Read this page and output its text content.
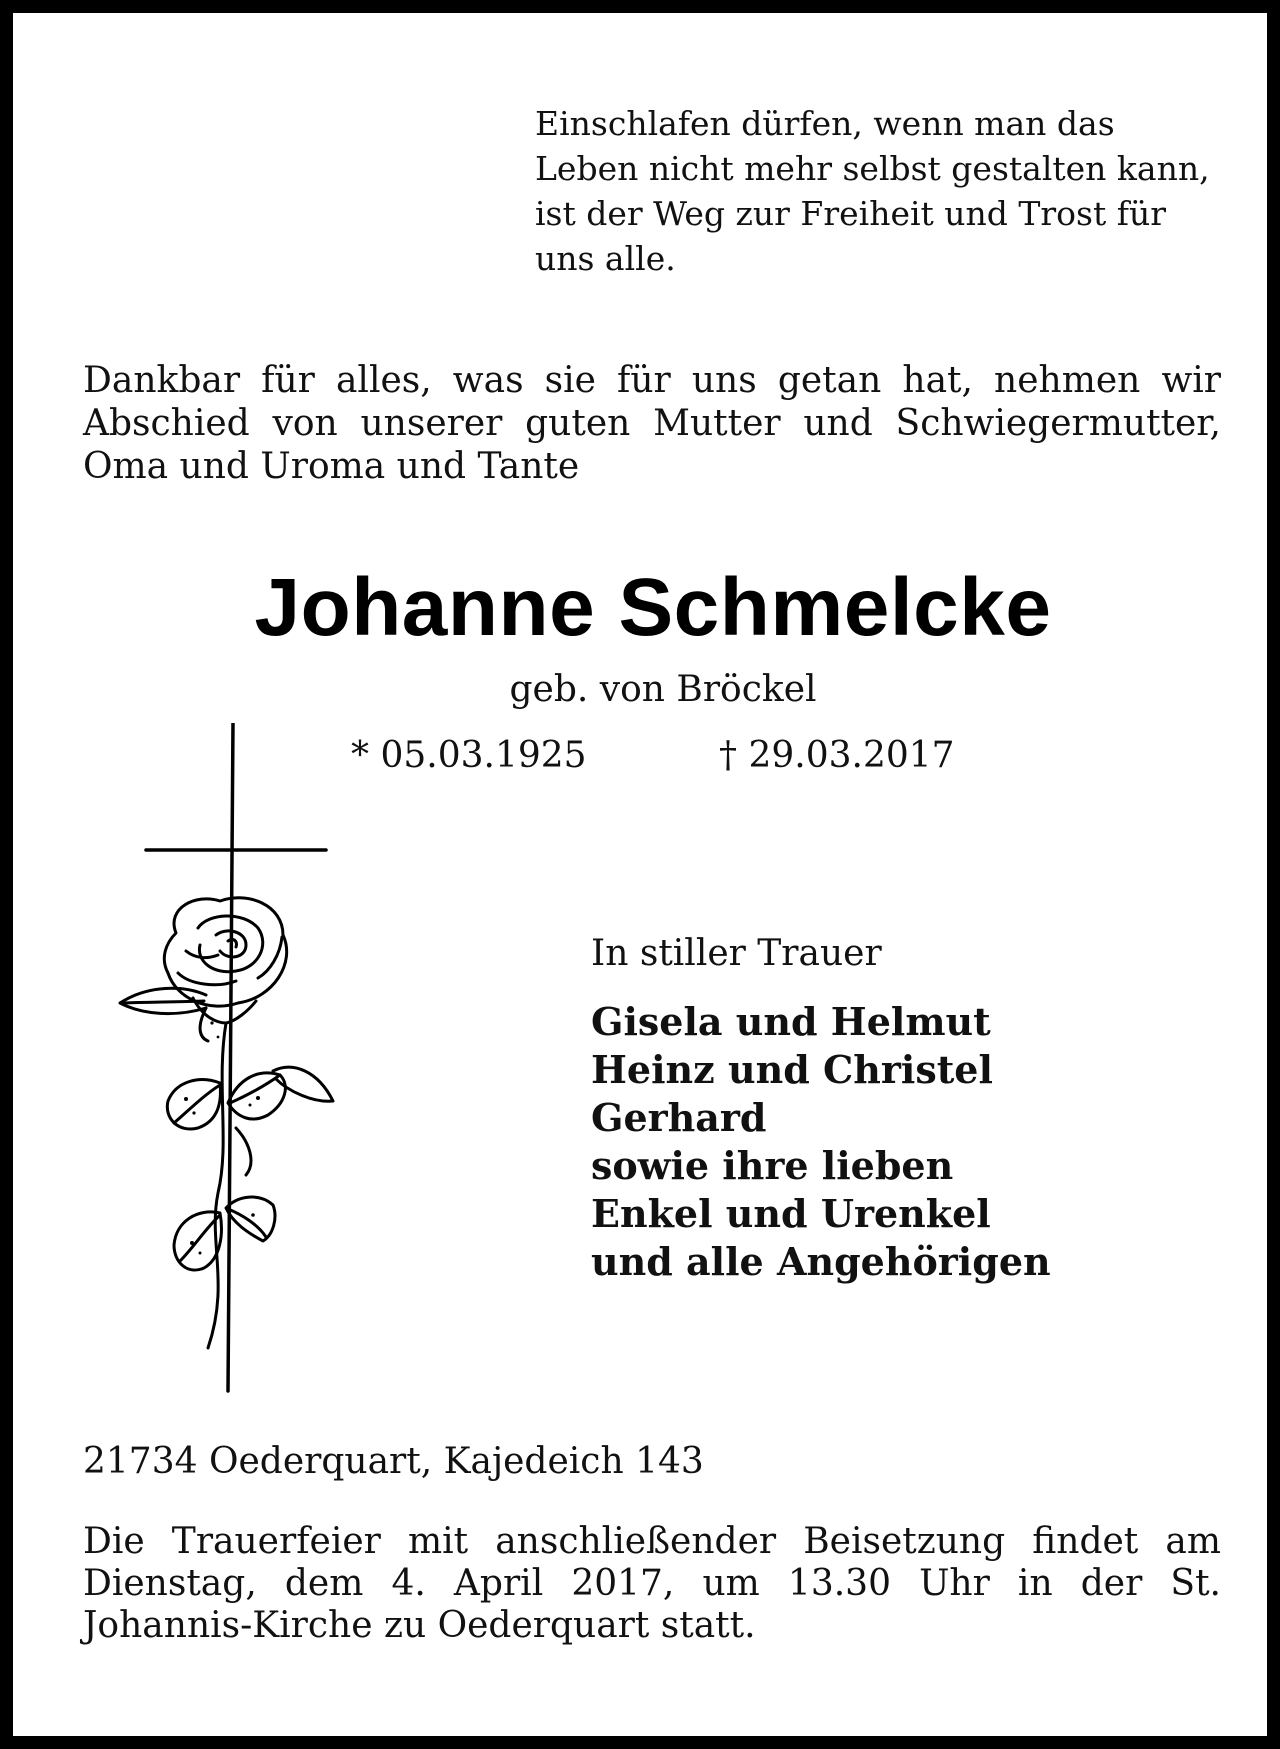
Einschlafen dürfen, wenn man das
Leben nicht mehr selbst gestalten kann,
ist der Weg zur Freiheit und Trost für
uns alle.

Dankbar für alles, was sie für uns getan hat, nehmen wir Abschied von unserer guten Mutter und Schwiegermutter, Oma und Uroma und Tante

Johanne Schmelcke
geb. von Bröckel
* 05.03.1925	† 29.03.2017
In stiller Trauer
Gisela und Helmut
Heinz und Christel
Gerhard
sowie ihre lieben
Enkel und Urenkel
und alle Angehörigen
21734 Oederquart, Kajedeich 143

Die Trauerfeier mit anschließender Beisetzung findet am Dienstag, dem 4. April 2017, um 13.30 Uhr in der St. Johannis-Kirche zu Oederquart statt.
